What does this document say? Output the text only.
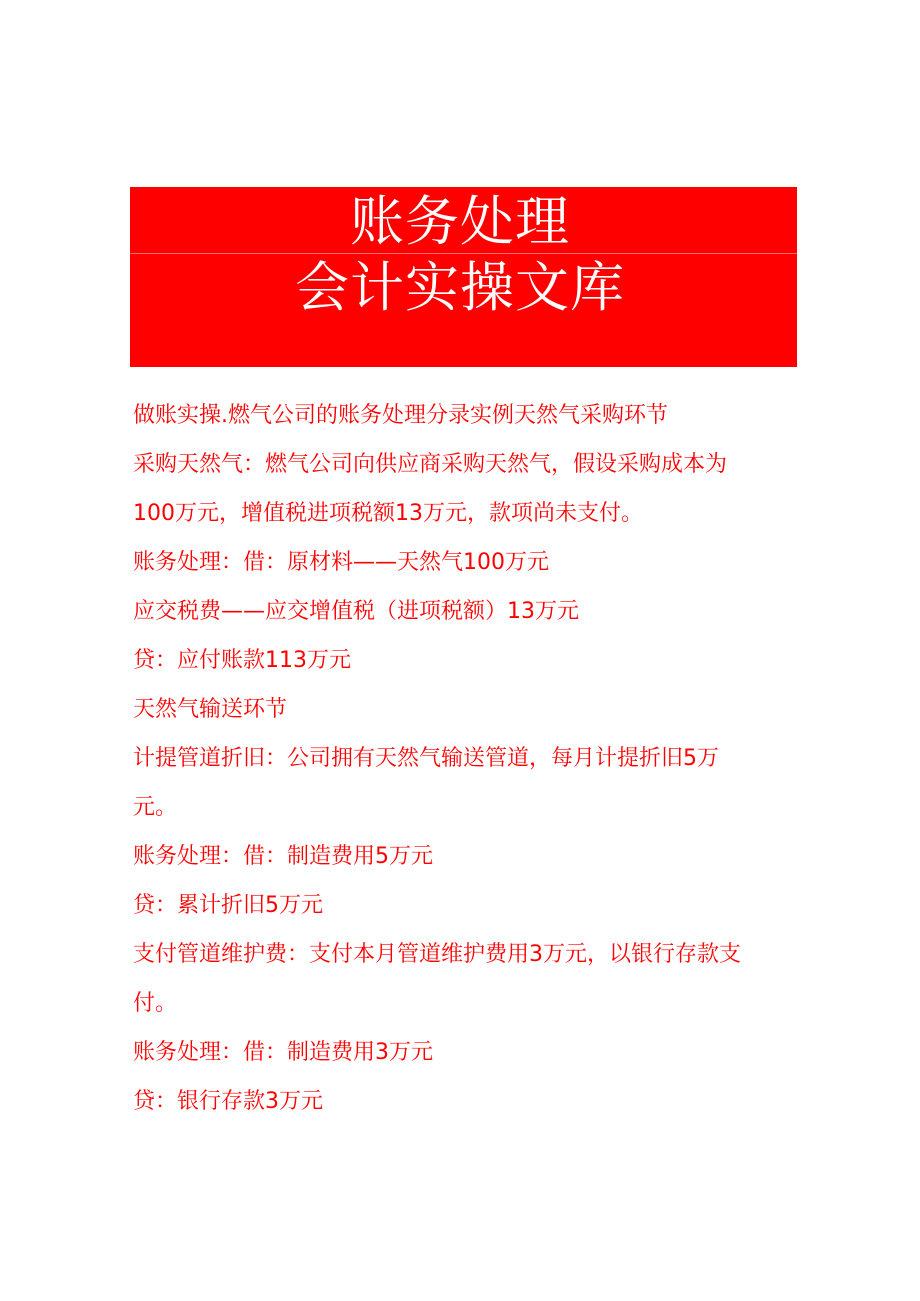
账务处理
会计实操文库

做账实操.燃气公司的账务处理分录实例天然气采购环节

采购天然气：燃气公司向供应商采购天然气，假设采购成本为

100万元，增值税进项税额13万元，款项尚未支付。

账务处理：借：原材料——天然气100万元

应交税费——应交增值税（进项税额）13万元

贷：应付账款113万元

天然气输送环节

计提管道折旧：公司拥有天然气输送管道，每月计提折旧5万

元。

账务处理：借：制造费用5万元

贷：累计折旧5万元

支付管道维护费：支付本月管道维护费用3万元，以银行存款支

付。

账务处理：借：制造费用3万元

贷：银行存款3万元
